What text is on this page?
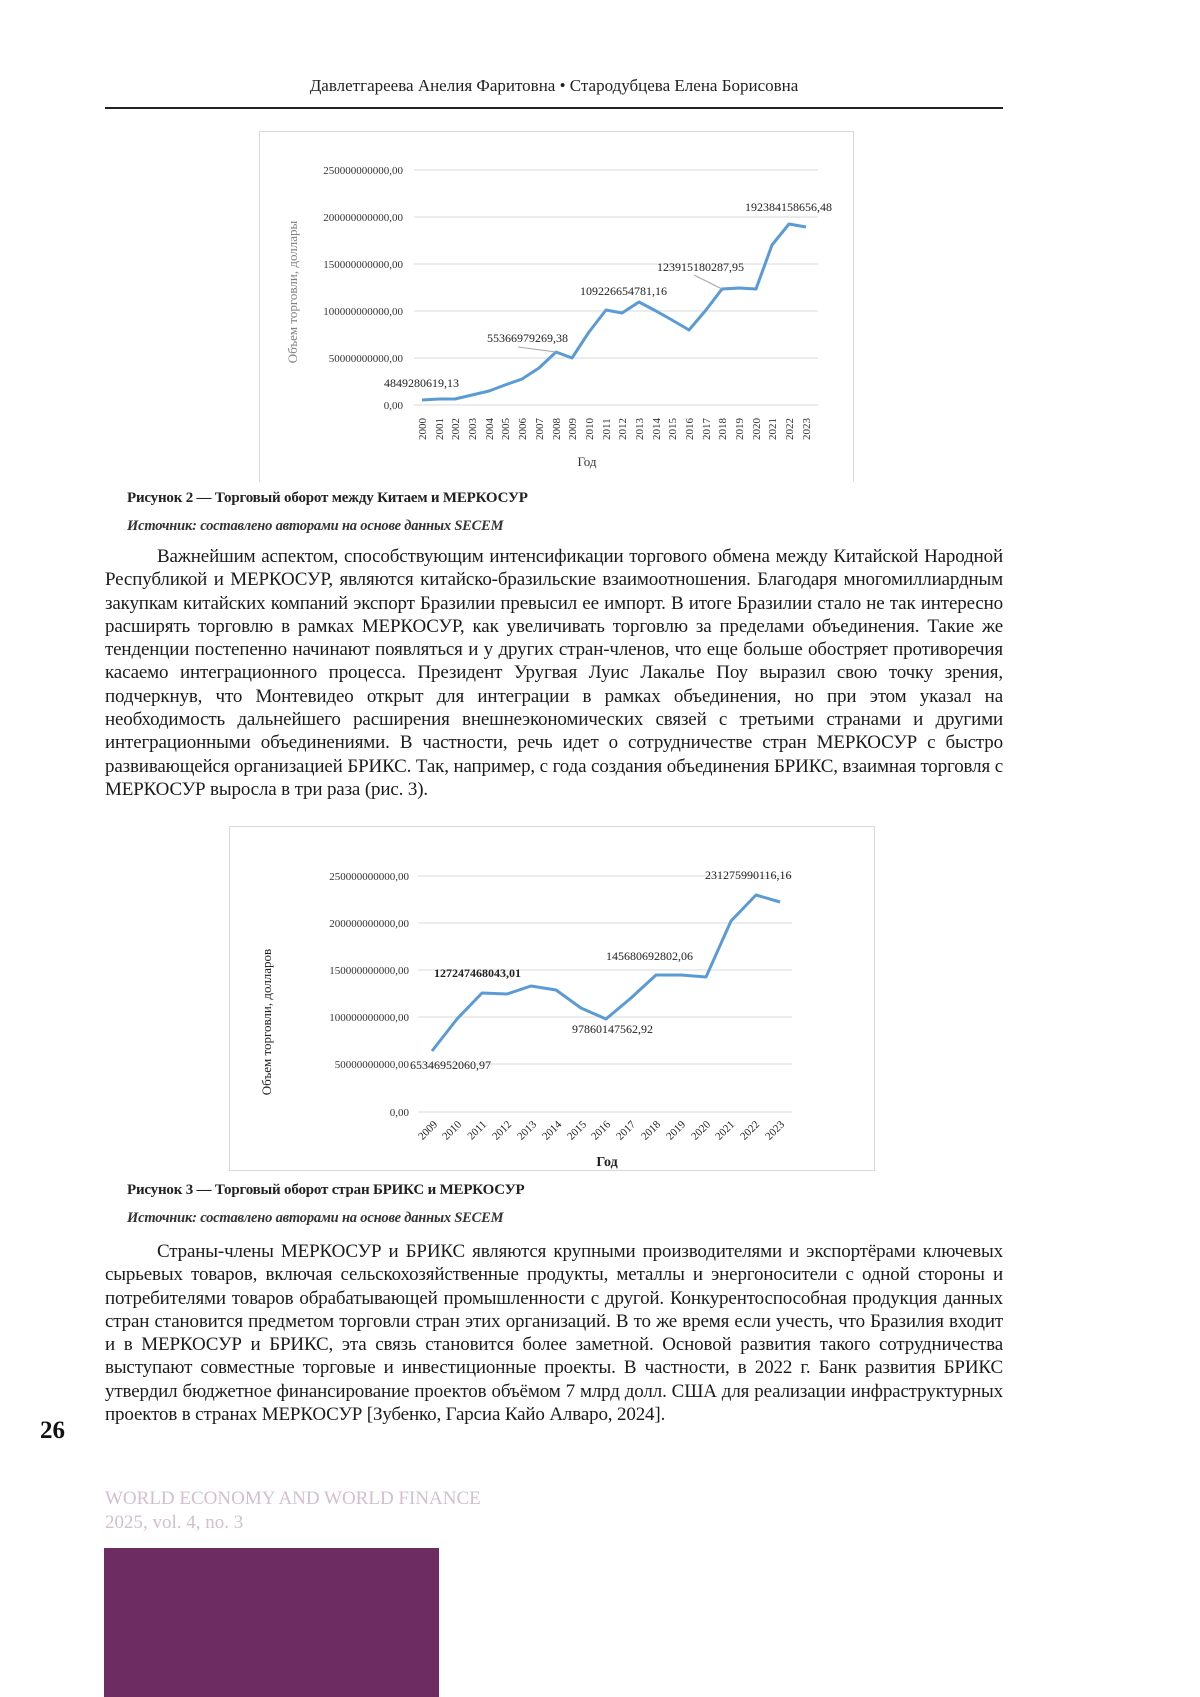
Давлетгареева Анелия Фаритовна • Стародубцева Елена Борисовна
250000000000,00
200000000000,00
150000000000,00
100000000000,00
50000000000,00
0,00
Объем торговли, доллары
2000 2001 2002 2003 2004 2005 2006 2007 2008 2009 2010 2011 2012 2013 2014 2015 2016 2017 2018 2019 2020 2021 2022 2023
Год
4849280619,13
55366979269,38
109226654781,16
123915180287,95
192384158656,48
Рисунок 2 — Торговый оборот между Китаем и МЕРКОСУР
Источник: составлено авторами на основе данных SECEM

Важнейшим аспектом, способствующим интенсификации торгового обмена между Китайской Народной Республикой и МЕРКОСУР, являются китайско-бразильские взаимоотношения. Благодаря многомиллиардным закупкам китайских компаний экспорт Бразилии превысил ее импорт. В итоге Бразилии стало не так интересно расширять торговлю в рамках МЕРКОСУР, как увеличивать торговлю за пределами объединения. Такие же тенденции постепенно начинают появляться и у других стран-членов, что еще больше обостряет противоречия касаемо интеграционного процесса. Президент Уругвая Луис Лакалье Поу выразил свою точку зрения, подчеркнув, что Монтевидео открыт для интеграции в рамках объединения, но при этом указал на необходимость дальнейшего расширения внешнеэкономических связей с третьими странами и другими интеграционными объединениями. В частности, речь идет о сотрудничестве стран МЕРКОСУР с быстро развивающейся организацией БРИКС. Так, например, с года создания объединения БРИКС, взаимная торговля с МЕРКОСУР выросла в три раза (рис. 3).

250000000000,00
200000000000,00
150000000000,00
100000000000,00
50000000000,00
0,00
Объем торговли, долларов
2009 2010 2011 2012 2013 2014 2015 2016 2017 2018 2019 2020 2021 2022 2023
Год
65346952060,97
127247468043,01
97860147562,92
145680692802,06
231275990116,16
Рисунок 3 — Торговый оборот стран БРИКС и МЕРКОСУР
Источник: составлено авторами на основе данных SECEM

Страны-члены МЕРКОСУР и БРИКС являются крупными производителями и экспортёрами ключевых сырьевых товаров, включая сельскохозяйственные продукты, металлы и энергоносители с одной стороны и потребителями товаров обрабатывающей промышленности с другой. Конкурентоспособная продукция данных стран становится предметом торговли стран этих организаций. В то же время если учесть, что Бразилия входит и в МЕРКОСУР и БРИКС, эта связь становится более заметной. Основой развития такого сотрудничества выступают совместные торговые и инвестиционные проекты. В частности, в 2022 г. Банк развития БРИКС утвердил бюджетное финансирование проектов объёмом 7 млрд долл. США для реализации инфраструктурных проектов в странах МЕРКОСУР [Зубенко, Гарсиа Кайо Алваро, 2024].

26
WORLD ECONOMY AND WORLD FINANCE
2025, vol. 4, no. 3
